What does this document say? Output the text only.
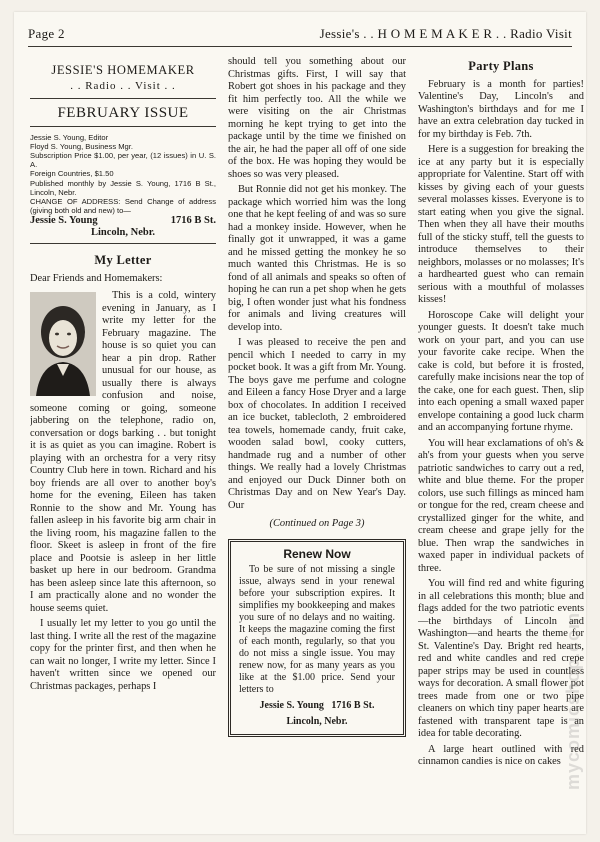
Page 2	Jessie's . . H O M E M A K E R . . Radio Visit
JESSIE'S HOMEMAKER
. . Radio . . Visit . .
FEBRUARY ISSUE
Jessie S. Young, Editor
Floyd S. Young, Business Mgr.
Subscription Price $1.00, per year, (12 issues) in U. S. A.
Foreign Countries, $1.50
Published monthly by Jessie S. Young, 1716 B St., Lincoln, Nebr.
CHANGE OF ADDRESS: Send Change of address (giving both old and new) to—
Jessie S. Young	1716 B St.
Lincoln, Nebr.
My Letter

Dear Friends and Homemakers:

This is a cold, wintery evening in January, as I write my letter for the February magazine. The house is so quiet you can hear a pin drop. Rather unusual for our house, as usually there is always confusion and noise, someone coming or going, someone jabbering on the telephone, radio on, conversation or dogs barking . . but tonight it is as quiet as you can imagine. Robert is playing with an orchestra for a very ritsy Country Club here in town. Richard and his boy friends are all over to another boy's home for the evening, Eileen has taken Ronnie to the show and Mr. Young has fallen asleep in his favorite big arm chair in the living room, his magazine fallen to the floor. Skeet is asleep in front of the fire place and Pootsie is asleep in her little basket up here in our bedroom. Grandma has been asleep since late this afternoon, so I am practically alone and no wonder the house seems quiet.

I usually let my letter to you go until the last thing. I write all the rest of the magazine copy for the printer first, and then when he can wait no longer, I write my letter. Since I haven't written since we opened our Christmas packages, perhaps I

should tell you something about our Christmas gifts. First, I will say that Robert got shoes in his package and they fit him perfectly too. All the while we were visiting on the air Christmas morning he kept trying to get into the package until by the time we finished on the air, he had the paper all off of one side of the box. He was hoping they would be shoes so was very pleased.

But Ronnie did not get his monkey. The package which worried him was the long one that he kept feeling of and was so sure had a monkey inside. However, when he finally got it unwrapped, it was a game and he missed getting the monkey he so much wanted this Christmas. He is so fond of all animals and speaks so often of hoping he can run a pet shop when he gets big, I often wonder just what his fondness for animals and living creatures will develop into.

I was pleased to receive the pen and pencil which I needed to carry in my pocket book. It was a gift from Mr. Young. The boys gave me perfume and cologne and Eileen a fancy Hose Dryer and a large box of chocolates. In addition I received an ice bucket, tablecloth, 2 embroidered tea towels, homemade candy, fruit cake, wooden salad bowl, cooky cutters, handmade rug and a number of other things. We really had a lovely Christmas and enjoyed our Duck Dinner both on Christmas Day and on New Year's Day. Our

(Continued on Page 3)
Renew Now

To be sure of not missing a single issue, always send in your renewal before your subscription expires. It simplifies my bookkeeping and makes you sure of no delays and no waiting. It keeps the magazine coming the first of each month, regularly, so that you do not miss a single issue. You may renew now, for as many years as you like at the $1.00 price. Send your letters to

Jessie S. Young 1716 B St.

Lincoln, Nebr.

Party Plans

February is a month for parties! Valentine's Day, Lincoln's and Washington's birthdays and for me I have an extra celebration day tucked in for my birthday is Feb. 7th.

Here is a suggestion for breaking the ice at any party but it is especially appropriate for Valentine. Start off with kisses by giving each of your guests several molasses kisses. Everyone is to start eating when you give the signal. Then when they all have their mouths full of the sticky stuff, tell the guests to introduce themselves to their neighbors, molasses or no molasses; It's a hardhearted guest who can remain serious with a mouthful of molasses kisses!

Horoscope Cake will delight your younger guests. It doesn't take much work on your part, and you can use your favorite cake recipe. When the cake is cold, but before it is frosted, carefully make incisions near the top of the cake, one for each guest. Then, slip into each opening a small waxed paper envelope containing a good luck charm and an accompanying fortune rhyme.

You will hear exclamations of oh's & ah's from your guests when you serve patriotic sandwiches to carry out a red, white and blue theme. For the proper colors, use such fillings as minced ham or tongue for the red, cream cheese and crystallized ginger for the white, and cream cheese and grape jelly for the blue. Then wrap the sandwiches in waxed paper in individual packets of three.

You will find red and white figuring in all celebrations this month; blue and flags added for the two patriotic events—the birthdays of Lincoln and Washington—and hearts the theme for St. Valentine's Day. Bright red hearts, red and white candles and red crepe paper strips may be used in countless ways for decoration. A small flower pot trees made from one or two pipe cleaners on which tiny paper hearts are fastened with transparent tape is an idea for table decorating.

A large heart outlined with red cinnamon candies is nice on cakes mycomicshop.com
